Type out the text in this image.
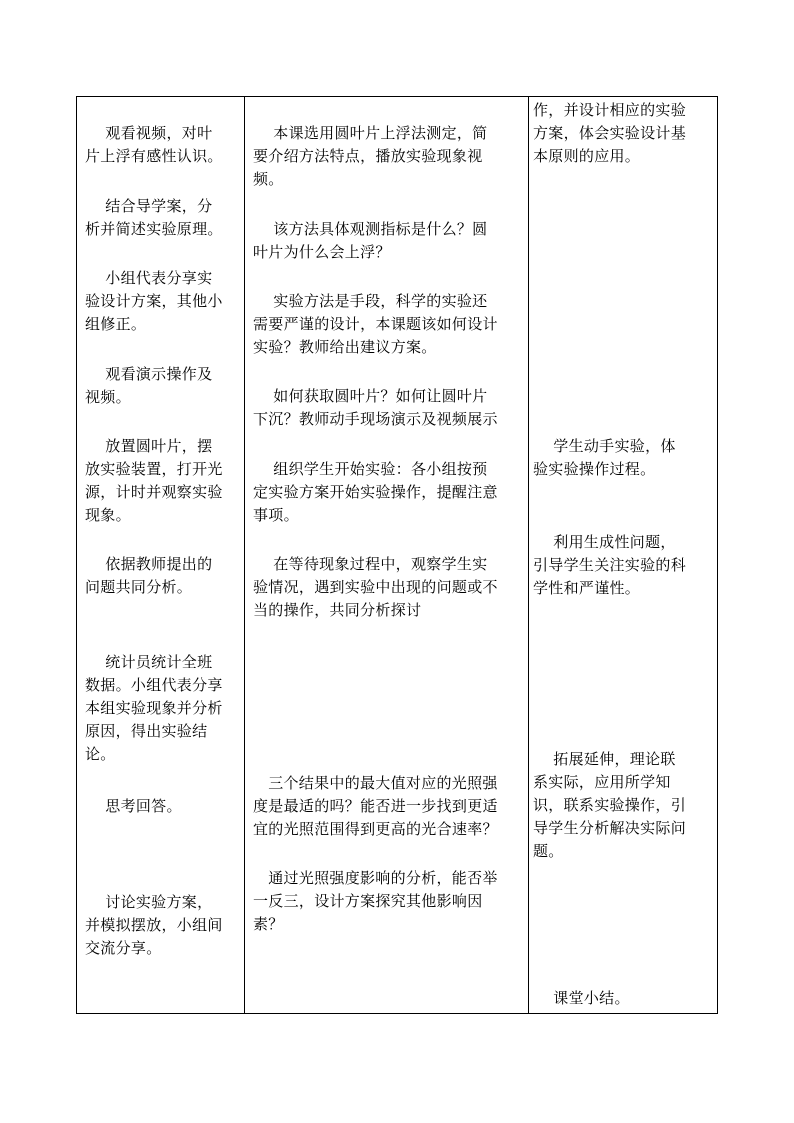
观看视频，对叶
片上浮有感性认识。

结合导学案，分
析并简述实验原理。

小组代表分享实
验设计方案，其他小
组修正。

观看演示操作及
视频。

放置圆叶片，摆
放实验装置，打开光
源，计时并观察实验
现象。

依据教师提出的
问题共同分析。

统计员统计全班
数据。小组代表分享
本组实验现象并分析
原因，得出实验结
论。

思考回答。

讨论实验方案，
并模拟摆放，小组间
交流分享。

本课选用圆叶片上浮法测定，简
要介绍方法特点，播放实验现象视
频。

该方法具体观测指标是什么？圆
叶片为什么会上浮？

实验方法是手段，科学的实验还
需要严谨的设计，本课题该如何设计
实验？教师给出建议方案。

如何获取圆叶片？如何让圆叶片
下沉？教师动手现场演示及视频展示

组织学生开始实验：各小组按预
定实验方案开始实验操作，提醒注意
事项。

在等待现象过程中，观察学生实
验情况，遇到实验中出现的问题或不
当的操作，共同分析探讨

三个结果中的最大值对应的光照强
度是最适的吗？能否进一步找到更适
宜的光照范围得到更高的光合速率？

通过光照强度影响的分析，能否举
一反三，设计方案探究其他影响因
素？

作，并设计相应的实验
方案，体会实验设计基
本原则的应用。

学生动手实验，体
验实验操作过程。

利用生成性问题，
引导学生关注实验的科
学性和严谨性。

拓展延伸，理论联
系实际，应用所学知
识，联系实验操作，引
导学生分析解决实际问
题。

课堂小结。
